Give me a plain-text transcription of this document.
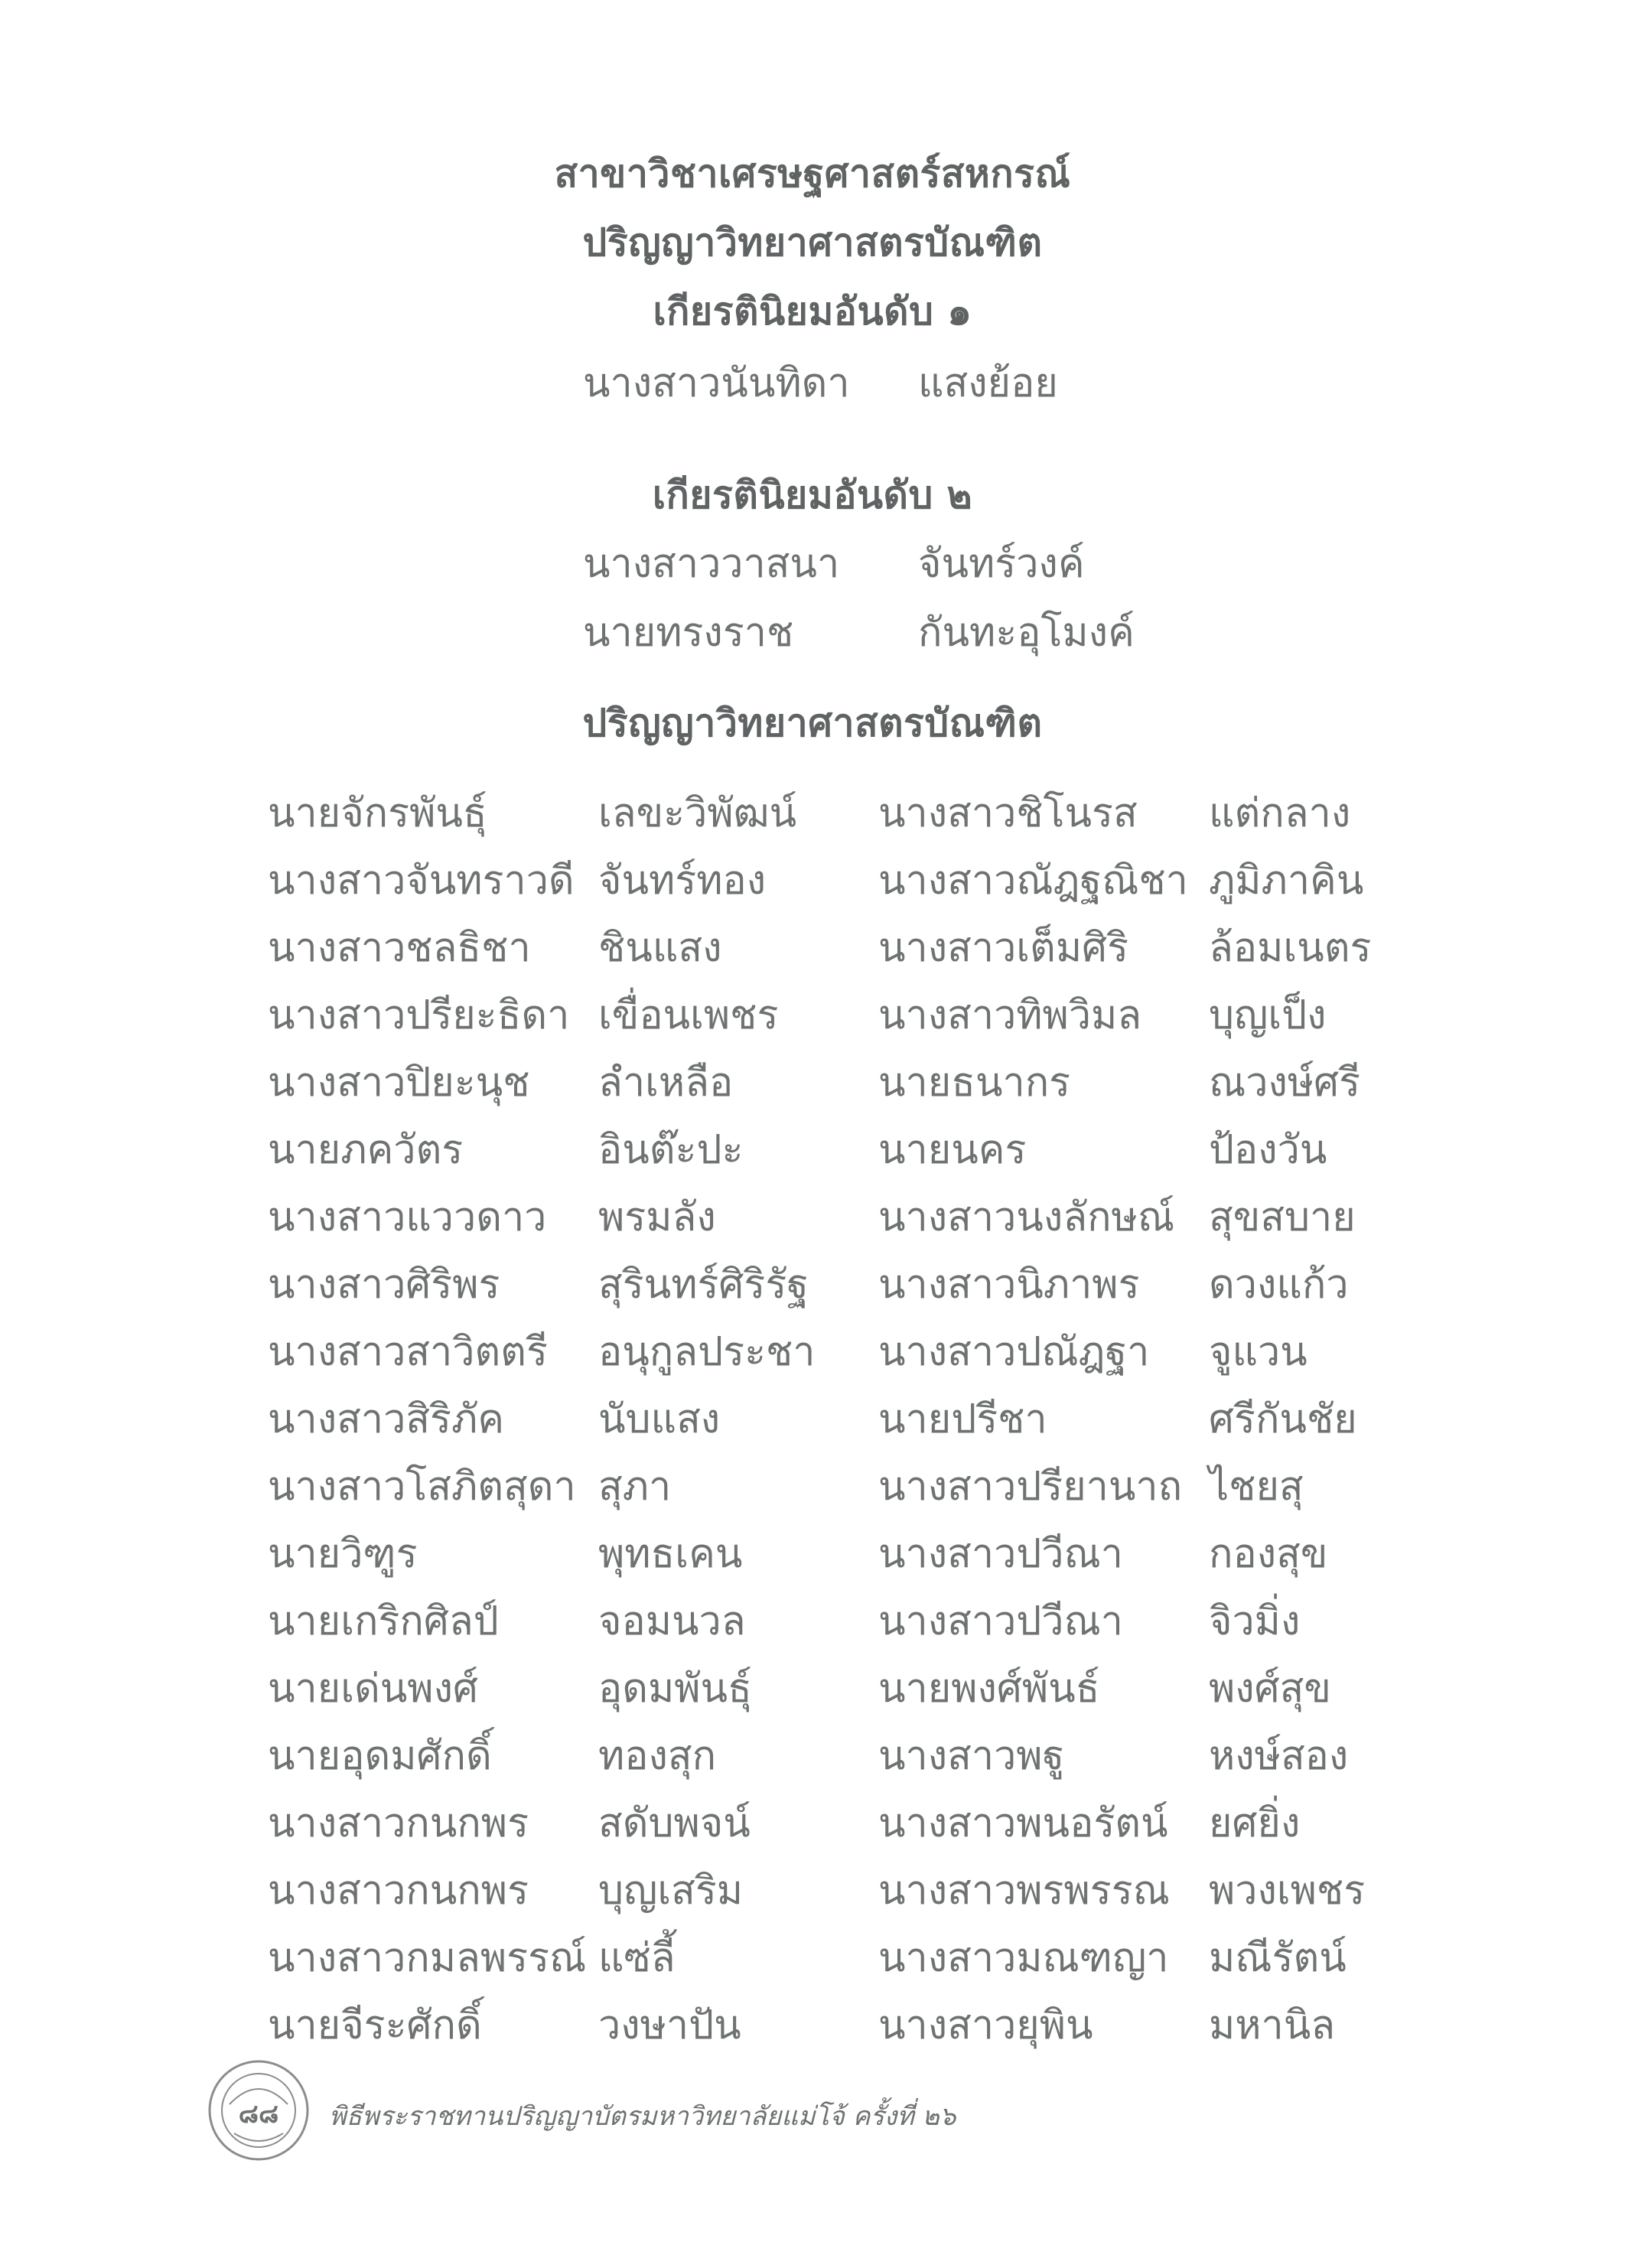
สาขาวิชาเศรษฐศาสตร์สหกรณ์
ปริญญาวิทยาศาสตรบัณฑิต
เกียรตินิยมอันดับ ๑
นางสาวนันทิดา แสงย้อย
เกียรตินิยมอันดับ ๒
นางสาววาสนา จันทร์วงค์
นายทรงราช	กันทะอุโมงค์
ปริญญาวิทยาศาสตรบัณฑิต
นายจักรพันธุ์	เลขะวิพัฒน์ นางสาวชิโนรส แต่กลาง
นางสาวจันทราวดี จันทร์ทอง	นางสาวณัฎฐณิชา ภูมิภาคิน
นางสาวชลธิชา ชินแสง	นางสาวเต็มศิริ ล้อมเนตร
นางสาวปรียะธิดา เขื่อนเพชร	นางสาวทิพวิมล บุญเป็ง
นางสาวปิยะนุช ลำเหลือ	นายธนากร	ณวงษ์ศรี
นายภควัตร	อินต๊ะปะ	นายนคร	ป้องวัน
นางสาวแววดาว พรมลัง	นางสาวนงลักษณ์ สุขสบาย
นางสาวศิริพร สุรินทร์ศิริรัฐ นางสาวนิภาพร ดวงแก้ว
นางสาวสาวิตตรี อนุกูลประชา นางสาวปณัฎฐา จูแวน
นางสาวสิริภัค นับแสง	นายปรีชา	ศรีกันชัย
นางสาวโสภิตสุดา สุภา	นางสาวปรียานาถ ไชยสุ
นายวิฑูร	พุทธเคน	นางสาวปวีณา กองสุข
นายเกริกศิลป์	จอมนวล	นางสาวปวีณา จิวมิ่ง
นายเด่นพงศ์	อุดมพันธุ์	นายพงศ์พันธ์	พงศ์สุข
นายอุดมศักดิ์	ทองสุก	นางสาวพฐู	หงษ์สอง
นางสาวกนกพร สดับพจน์	นางสาวพนอรัตน์ ยศยิ่ง
นางสาวกนกพร บุญเสริม	นางสาวพรพรรณ พวงเพชร
นางสาวกมลพรรณ์ แซ่ลี้	นางสาวมณฑญา มณีรัตน์
นายจีระศักดิ์	วงษาปัน	นางสาวยุพิน	มหานิล
๘๘ พิธีพระราชทานปริญญาบัตรมหาวิทยาลัยแม่โจ้ ครั้งที่ ๒๖
